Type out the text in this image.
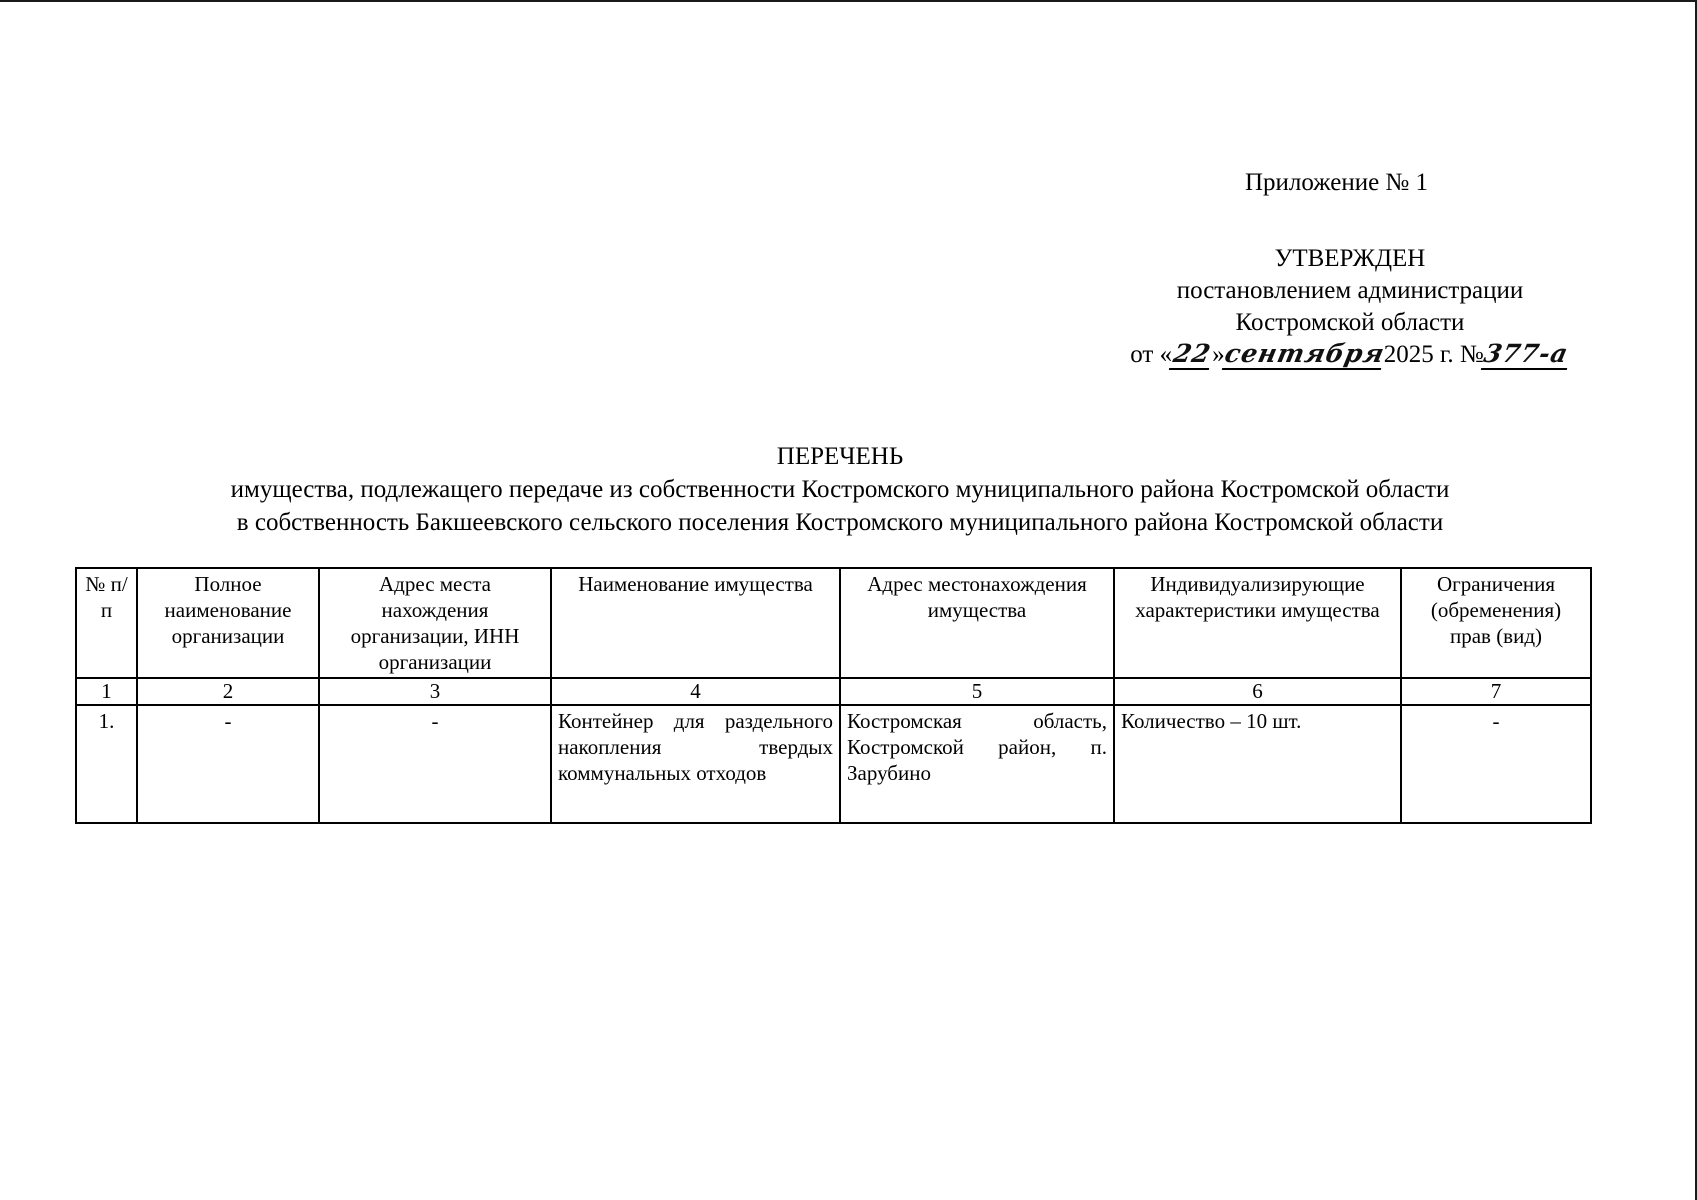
Приложение № 1
УТВЕРЖДЕН
постановлением администрации
Костромской области
от «22»сентября2025 г. №377-а
ПЕРЕЧЕНЬ
имущества, подлежащего передаче из собственности Костромского муниципального района Костромской области
в собственность Бакшеевского сельского поселения Костромского муниципального района Костромской области
№ п/п	Полное наименование организации	Адрес места нахождения организации, ИНН организации	Наименование имущества	Адрес местонахождения имущества	Индивидуализирующие характеристики имущества	Ограничения (обременения) прав (вид)
1	2	3	4	5	6	7
1.	-	-	Контейнер для раздельного накопления твердых коммунальных отходов	Костромская область, Костромской район, п. Зарубино	Количество – 10 шт.	-
